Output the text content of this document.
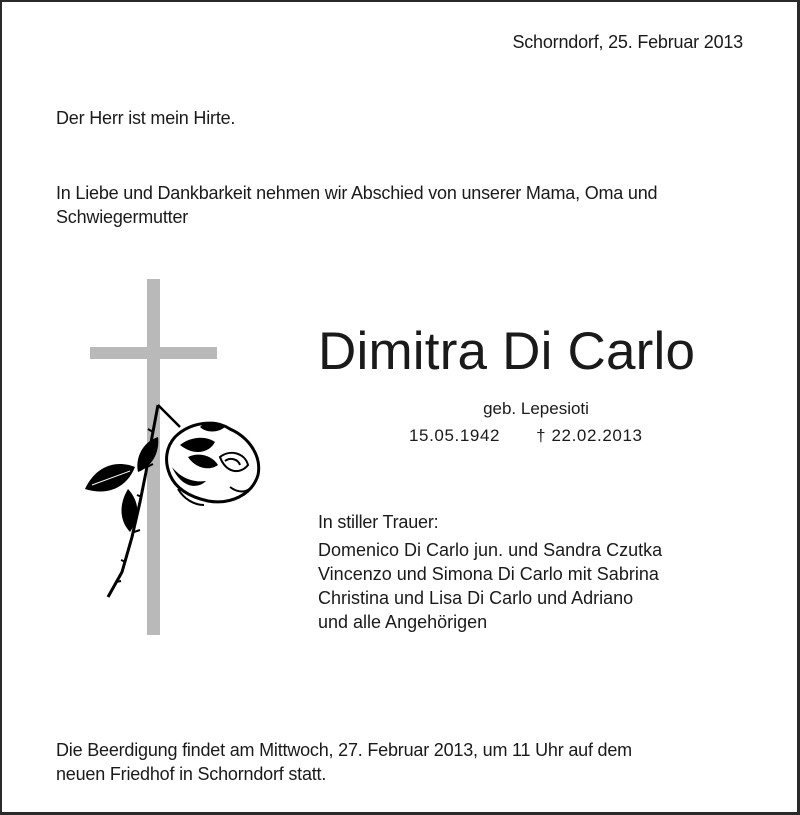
Schorndorf, 25. Februar 2013
Der Herr ist mein Hirte.
In Liebe und Dankbarkeit nehmen wir Abschied von unserer Mama, Oma und
Schwiegermutter
Dimitra Di Carlo
geb. Lepesioti
15.05.1942 † 22.02.2013
In stiller Trauer:
Domenico Di Carlo jun. und Sandra Czutka
Vincenzo und Simona Di Carlo mit Sabrina
Christina und Lisa Di Carlo und Adriano
und alle Angehörigen
Die Beerdigung findet am Mittwoch, 27. Februar 2013, um 11 Uhr auf dem
neuen Friedhof in Schorndorf statt.
